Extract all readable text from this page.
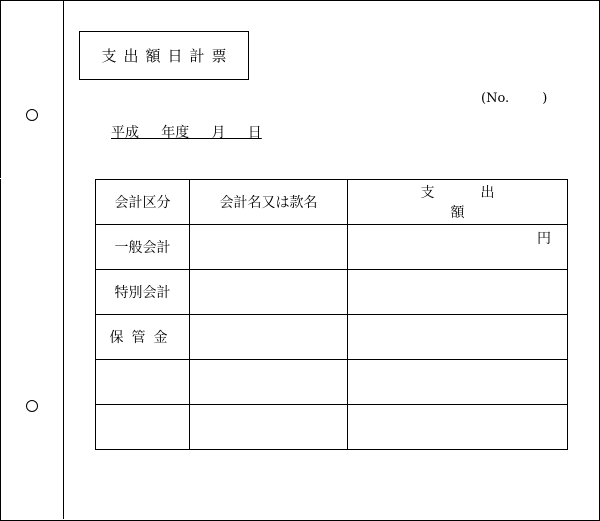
支出額日計票
(No.        )
平成     年度     月     日
会計区分	会計名又は款名	支出額
一般会計		円

特別会計		
保管金		
